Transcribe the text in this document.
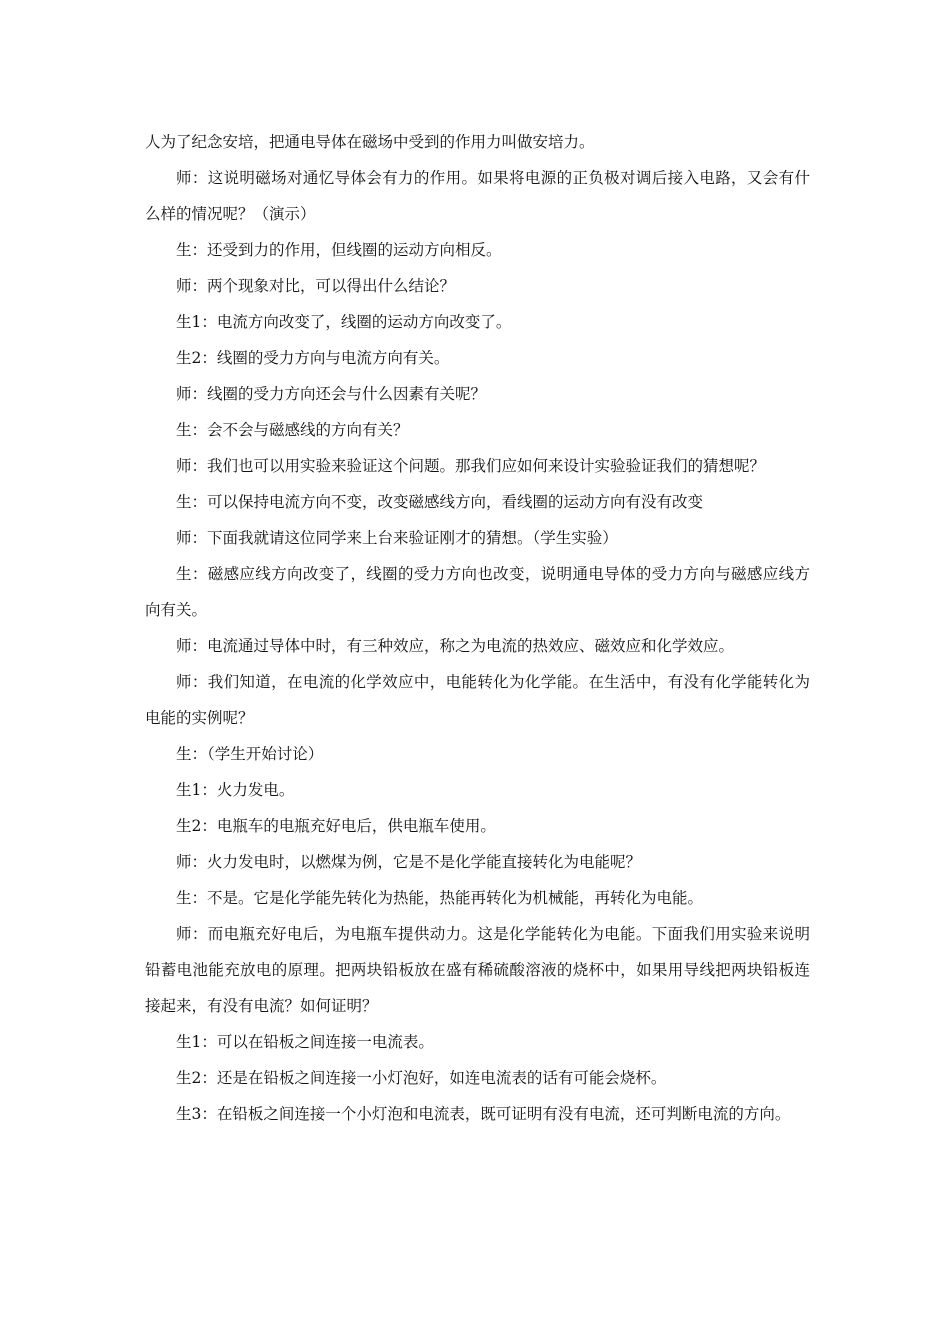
人为了纪念安培，把通电导体在磁场中受到的作用力叫做安培力。

师：这说明磁场对通忆导体会有力的作用。如果将电源的正负极对调后接入电路，又会有什么样的情况呢？（演示）

生：还受到力的作用，但线圈的运动方向相反。

师：两个现象对比，可以得出什么结论？

生1：电流方向改变了，线圈的运动方向改变了。

生2：线圈的受力方向与电流方向有关。

师：线圈的受力方向还会与什么因素有关呢？

生：会不会与磁感线的方向有关？

师：我们也可以用实验来验证这个问题。那我们应如何来设计实验验证我们的猜想呢？

生：可以保持电流方向不变，改变磁感线方向，看线圈的运动方向有没有改变

师：下面我就请这位同学来上台来验证刚才的猜想。（学生实验）

生：磁感应线方向改变了，线圈的受力方向也改变，说明通电导体的受力方向与磁感应线方向有关。

师：电流通过导体中时，有三种效应，称之为电流的热效应、磁效应和化学效应。

师：我们知道，在电流的化学效应中，电能转化为化学能。在生活中，有没有化学能转化为电能的实例呢？

生：（学生开始讨论）

生1：火力发电。

生2：电瓶车的电瓶充好电后，供电瓶车使用。

师：火力发电时，以燃煤为例，它是不是化学能直接转化为电能呢？

生：不是。它是化学能先转化为热能，热能再转化为机械能，再转化为电能。

师：而电瓶充好电后，为电瓶车提供动力。这是化学能转化为电能。下面我们用实验来说明铅蓄电池能充放电的原理。把两块铅板放在盛有稀硫酸溶液的烧杯中，如果用导线把两块铅板连接起来，有没有电流？如何证明？

生1：可以在铅板之间连接一电流表。

生2：还是在铅板之间连接一小灯泡好，如连电流表的话有可能会烧杯。

生3：在铅板之间连接一个小灯泡和电流表，既可证明有没有电流，还可判断电流的方向。
